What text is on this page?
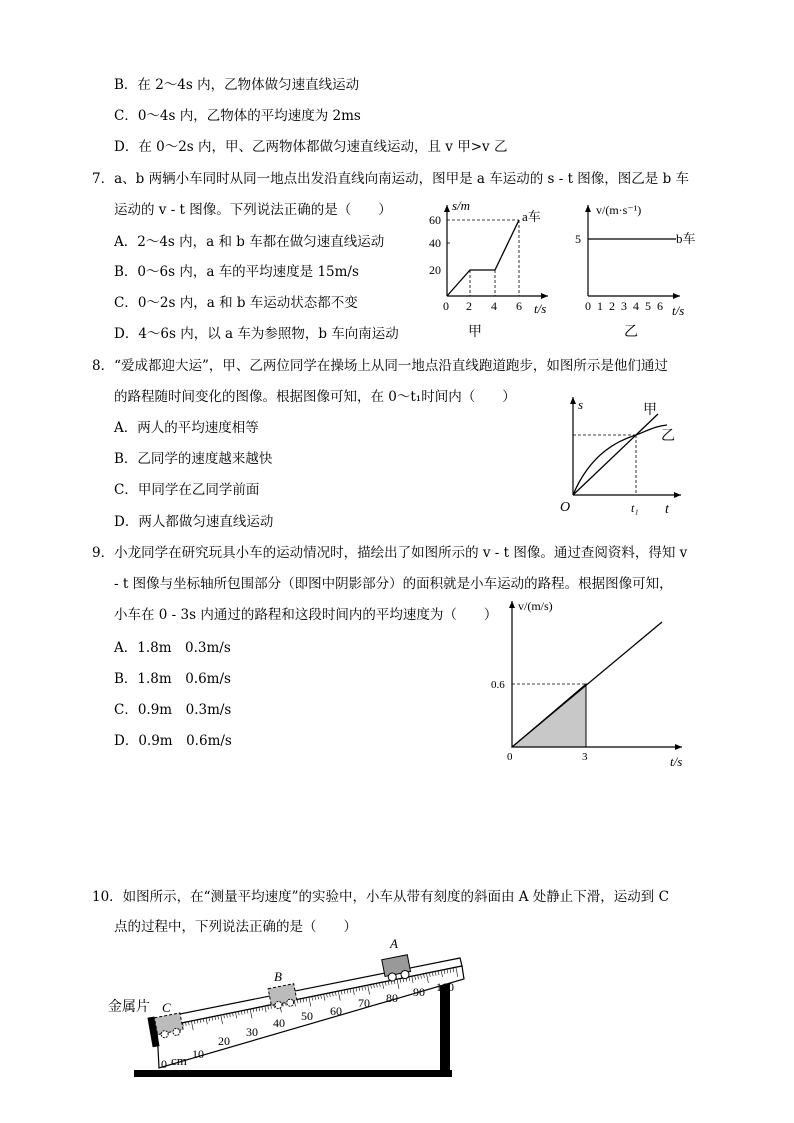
B．在 2～4s 内，乙物体做匀速直线运动
C．0～4s 内，乙物体的平均速度为 2ms
D．在 0～2s 内，甲、乙两物体都做匀速直线运动，且 v 甲>v 乙
7．a、b 两辆小车同时从同一地点出发沿直线向南运动，图甲是 a 车运动的 s - t 图像，图乙是 b 车
运动的 v - t 图像。下列说法正确的是（　　）
A．2～4s 内，a 和 b 车都在做匀速直线运动
B．0～6s 内，a 车的平均速度是 15m/s
C．0～2s 内，a 和 b 车运动状态都不变
D．4～6s 内，以 a 车为参照物，b 车向南运动
s/m
t/s
60
40
20
0 2 4 6
a车
甲
v/(m·s⁻¹)
t/s
5	b车
0 1 2 3 4 5 6
乙
8．“爱成都迎大运”，甲、乙两位同学在操场上从同一地点沿直线跑道跑步，如图所示是他们通过
的路程随时间变化的图像。根据图像可知，在 0～t₁时间内（　　）
A．两人的平均速度相等
B．乙同学的速度越来越快
C．甲同学在乙同学前面
D．两人都做匀速直线运动
s
t
O	t₁
甲
乙
9．小龙同学在研究玩具小车的运动情况时，描绘出了如图所示的 v - t 图像。通过查阅资料，得知 v
- t 图像与坐标轴所包围部分（即图中阴影部分）的面积就是小车运动的路程。根据图像可知，
小车在 0 - 3s 内通过的路程和这段时间内的平均速度为（　　）
A．1.8m　0.3m/s
B．1.8m　0.6m/s
C．0.9m　0.3m/s
D．0.9m　0.6m/s
v/(m/s)
t/s
0.6
0	3
10．如图所示，在“测量平均速度”的实验中，小车从带有刻度的斜面由 A 处静止下滑，运动到 C
点的过程中，下列说法正确的是（　　）
cm
0
10
20
30
40 50 60
70 80 90 100
金属片 C
B
A
